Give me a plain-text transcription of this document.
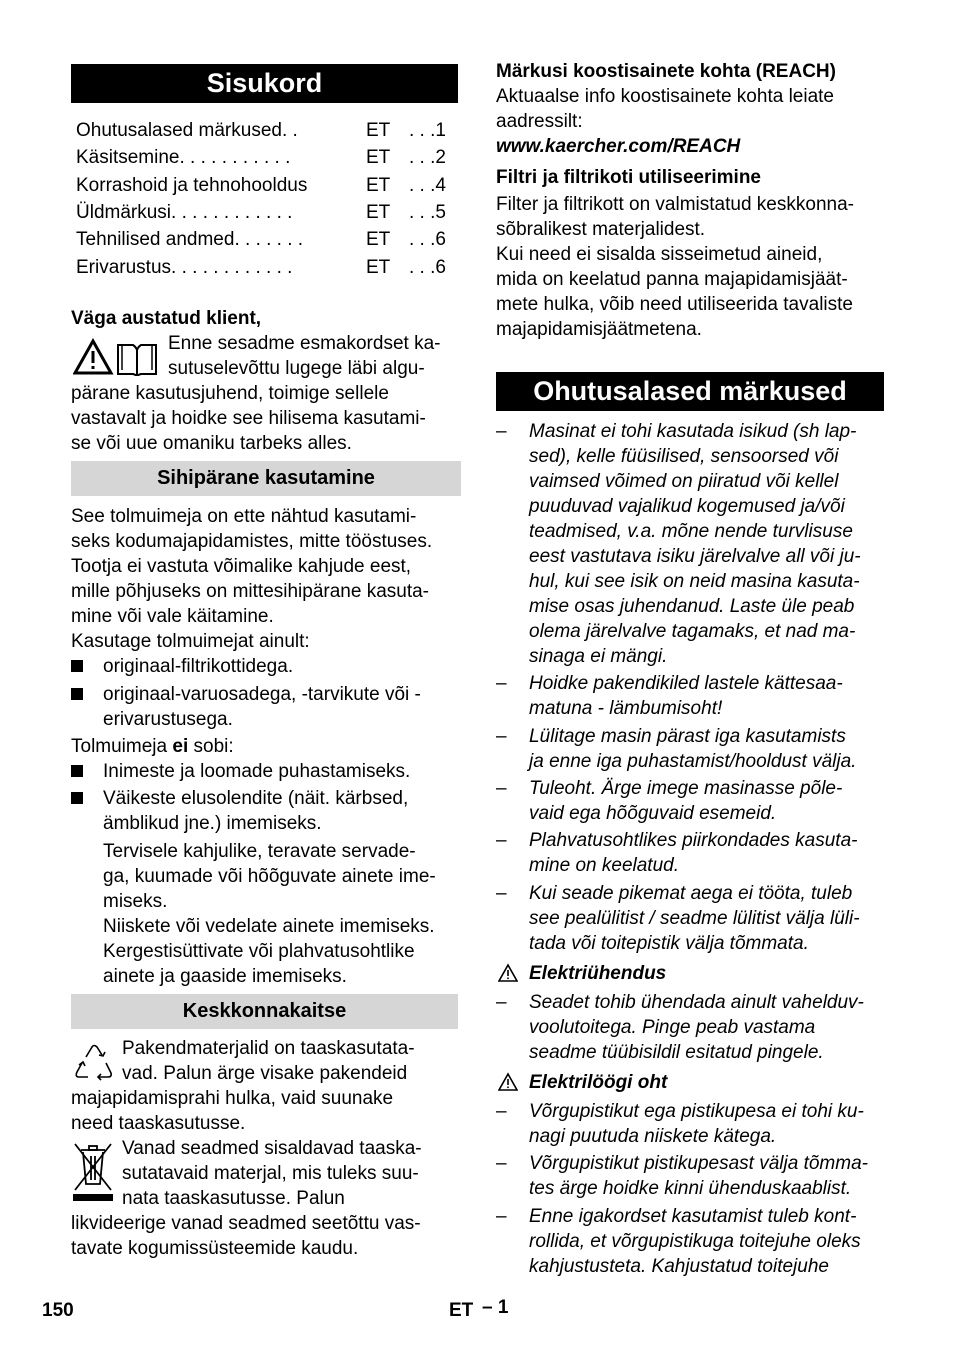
Sisukord
Ohutusalased märkused . .	ET . . .1
Käsitsemine . . . . . . . . . . .	ET . . .2
Korrashoid ja tehnohooldus	ET . . .4
Üldmärkusi . . . . . . . . . . . .	ET . . .5
Tehnilised andmed . . . . . . .	ET . . .6
Erivarustus . . . . . . . . . . . .	ET . . .6
Väga austatud klient,
Enne sesadme esmakordset ka-
sutuselevõttu lugege läbi algu-
pärane kasutusjuhend, toimige sellele
vastavalt ja hoidke see hilisema kasutami-
se või uue omaniku tarbeks alles.
Sihipärane kasutamine
See tolmuimeja on ette nähtud kasutami-
seks kodumajapidamistes, mitte tööstuses.
Tootja ei vastuta võimalike kahjude eest,
mille põhjuseks on mittesihipärane kasuta-
mine või vale käitamine.
Kasutage tolmuimejat ainult:
originaal-filtrikottidega.
originaal-varuosadega, -tarvikute või -
erivarustusega.
Tolmuimeja ei sobi:
Inimeste ja loomade puhastamiseks.
Väikeste elusolendite (näit. kärbsed,
ämblikud jne.) imemiseks.
Tervisele kahjulike, teravate servade-
ga, kuumade või hõõguvate ainete ime-
miseks.
Niiskete või vedelate ainete imemiseks.
Kergestisüttivate või plahvatusohtlike
ainete ja gaaside imemiseks.
Keskkonnakaitse
Pakendmaterjalid on taaskasutata-
vad. Palun ärge visake pakendeid
majapidamisprahi hulka, vaid suunake
need taaskasutusse.
Vanad seadmed sisaldavad taaska-
sutatavaid materjal, mis tuleks suu-
nata taaskasutusse. Palun
likvideerige vanad seadmed seetõttu vas-
tavate kogumissüsteemide kaudu.
Märkusi koostisainete kohta (REACH)
Aktuaalse info koostisainete kohta leiate
aadressilt:
www.kaercher.com/REACH
Filtri ja filtrikoti utiliseerimine
Filter ja filtrikott on valmistatud keskkonna-
sõbralikest materjalidest.
Kui need ei sisalda sisseimetud aineid,
mida on keelatud panna majapidamisjäät-
mete hulka, võib need utiliseerida tavaliste
majapidamisjäätmetena.
Ohutusalased märkused
– Masinat ei tohi kasutada isikud (sh lap-
sed), kelle füüsilised, sensoorsed või
vaimsed võimed on piiratud või kellel
puuduvad vajalikud kogemused ja/või
teadmised, v.a. mõne nende turvlisuse
eest vastutava isiku järelvalve all või ju-
hul, kui see isik on neid masina kasuta-
mise osas juhendanud. Laste üle peab
olema järelvalve tagamaks, et nad ma-
sinaga ei mängi.
– Hoidke pakendikiled lastele kättesaa-
matuna - lämbumisoht!
– Lülitage masin pärast iga kasutamists
ja enne iga puhastamist/hooldust välja.
– Tuleoht. Ärge imege masinasse põle-
vaid ega hõõguvaid esemeid.
– Plahvatusohtlikes piirkondades kasuta-
mine on keelatud.
– Kui seade pikemat aega ei tööta, tuleb
see pealülitist / seadme lülitist välja lüli-
tada või toitepistik välja tõmmata.
Elektriühendus
– Seadet tohib ühendada ainult vahelduv-
voolutoitega. Pinge peab vastama
seadme tüübisildil esitatud pingele.
Elektrilöögi oht
– Võrgupistikut ega pistikupesa ei tohi ku-
nagi puutuda niiskete kätega.
– Võrgupistikut pistikupesast välja tõmma-
tes ärge hoidke kinni ühenduskaablist.
– Enne igakordset kasutamist tuleb kont-
rollida, et võrgupistikuga toitejuhe oleks
kahjustusteta. Kahjustatud toitejuhe
150	ET – 1
